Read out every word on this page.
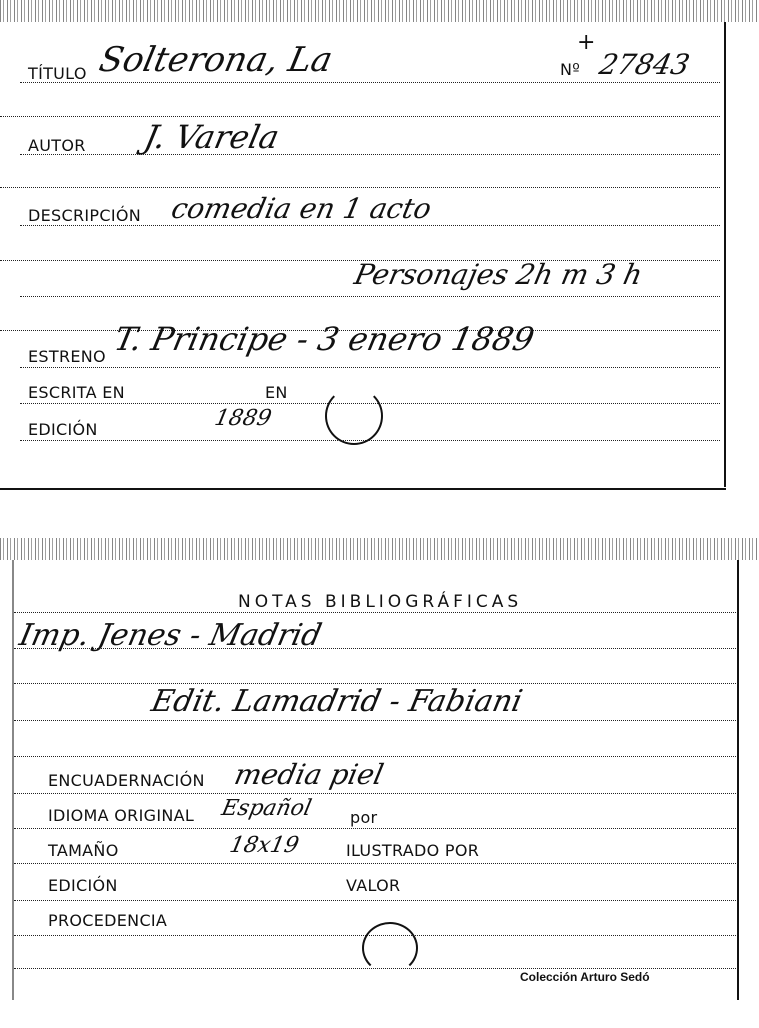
TÍTULO Solterona, La	+
Nº 27843
AUTOR J. Varela
DESCRIPCIÓN comedia en 1 acto
Personajes 2h m 3 h
ESTRENO T. Principe - 3 enero 1889
ESCRITA EN	EN
EDICIÓN	1889
NOTAS BIBLIOGRÁFICAS
Imp. Jenes - Madrid
Edit. Lamadrid - Fabiani
ENCUADERNACIÓN media piel
IDIOMA ORIGINAL Español por
TAMAÑO	18x19	ILUSTRADO POR
EDICIÓN	VALOR
PROCEDENCIA
Colección Arturo Sedó
